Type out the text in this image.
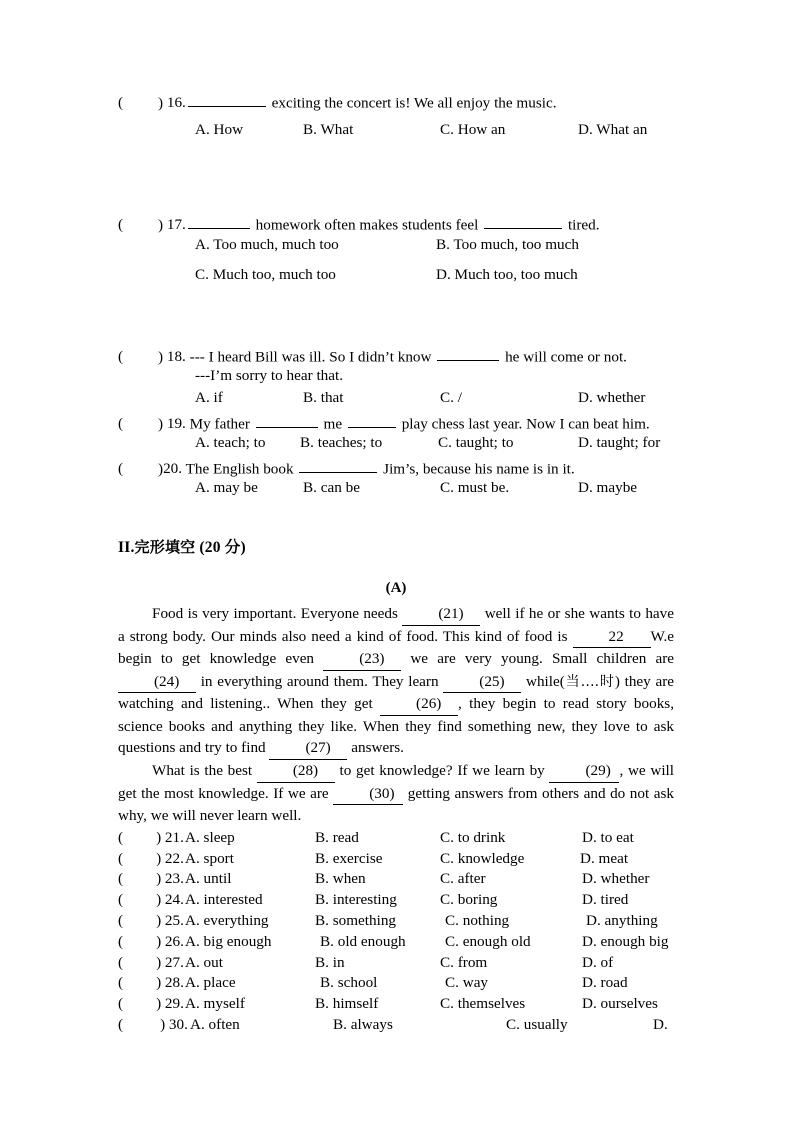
( ) 16.	exciting the concert is! We all enjoy the music.
A. How	B. What	C. How an	D. What an
( ) 17.	homework often makes students feel	tired.
A. Too much, much too	B. Too much, too much
C. Much too, much too	D. Much too, too much
( ) 18. --- I heard Bill was ill. So I didn’t know	he will come or not.
---I’m sorry to hear that.
A. if	B. that	C. /	D. whether
( ) 19. My father	me	play chess last year. Now I can beat him.
A. teach; to B. teaches; to	C. taught; to	D. taught; for
( )20. The English book	Jim’s, because his name is in it.
A. may be	B. can be	C. must be.	D. maybe
II.完形填空 (20 分)
(A)

Food is very important. Everyone needs (21) well if he or she wants to have a strong body. Our minds also need a kind of food. This kind of food is 22 W.e begin to get knowledge even (23) we are very young. Small children are (24) in everything around them. They learn (25) while(当….时) they are watching and listening.. When they get (26) , they begin to read story books, science books and anything they like. When they find something new, they love to ask questions and try to find (27) answers.

What is the best (28) to get knowledge? If we learn by (29) , we will get the most knowledge. If we are (30) getting answers from others and do not ask why, we will never learn well.

( ) 21. A. sleep	B. read	C. to drink	D. to eat
( ) 22. A. sport	B. exercise	C. knowledge	D. meat
( ) 23. A. until	B. when	C. after	D. whether
( ) 24. A. interested	B. interesting	C. boring	D. tired
( ) 25. A. everything	B. something	C. nothing	D. anything
( ) 26. A. big enough	B. old enough	C. enough old	D. enough big
( ) 27. A. out	B. in	C. from	D. of
( ) 28. A. place	B. school	C. way	D. road
( ) 29. A. myself	B. himself	C. themselves	D. ourselves
( ) 30. A. often	B. always	C. usually	D.
